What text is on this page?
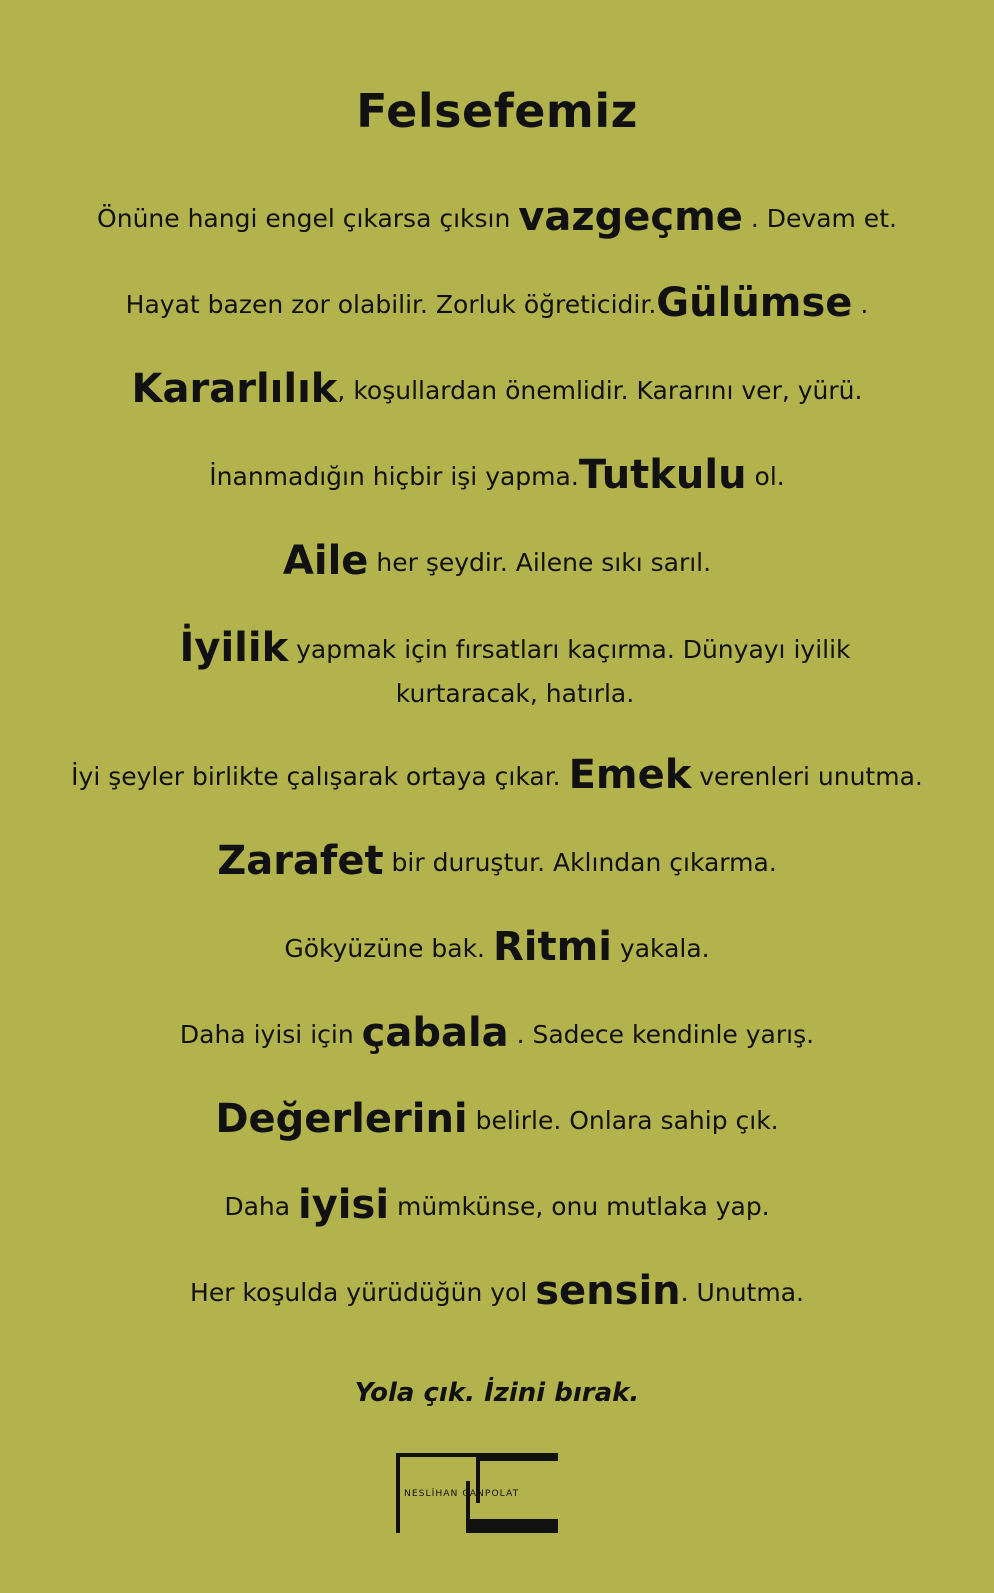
Felsefemiz
Önüne hangi engel çıkarsa çıksın vazgeçme . Devam et.
Hayat bazen zor olabilir. Zorluk öğreticidir.Gülümse .
Kararlılık, koşullardan önemlidir. Kararını ver, yürü.
İnanmadığın hiçbir işi yapma.Tutkulu ol.
Aile her şeydir. Ailene sıkı sarıl.
İyilik yapmak için fırsatları kaçırma. Dünyayı iyilik kurtaracak, hatırla.
İyi şeyler birlikte çalışarak ortaya çıkar. Emek verenleri unutma.
Zarafet bir duruştur. Aklından çıkarma.
Gökyüzüne bak. Ritmi yakala.
Daha iyisi için çabala . Sadece kendinle yarış.
Değerlerini belirle. Onlara sahip çık.
Daha iyisi mümkünse, onu mutlaka yap.
Her koşulda yürüdüğün yol sensin. Unutma.
Yola çık. İzini bırak.
NESLİHAN CANPOLAT
